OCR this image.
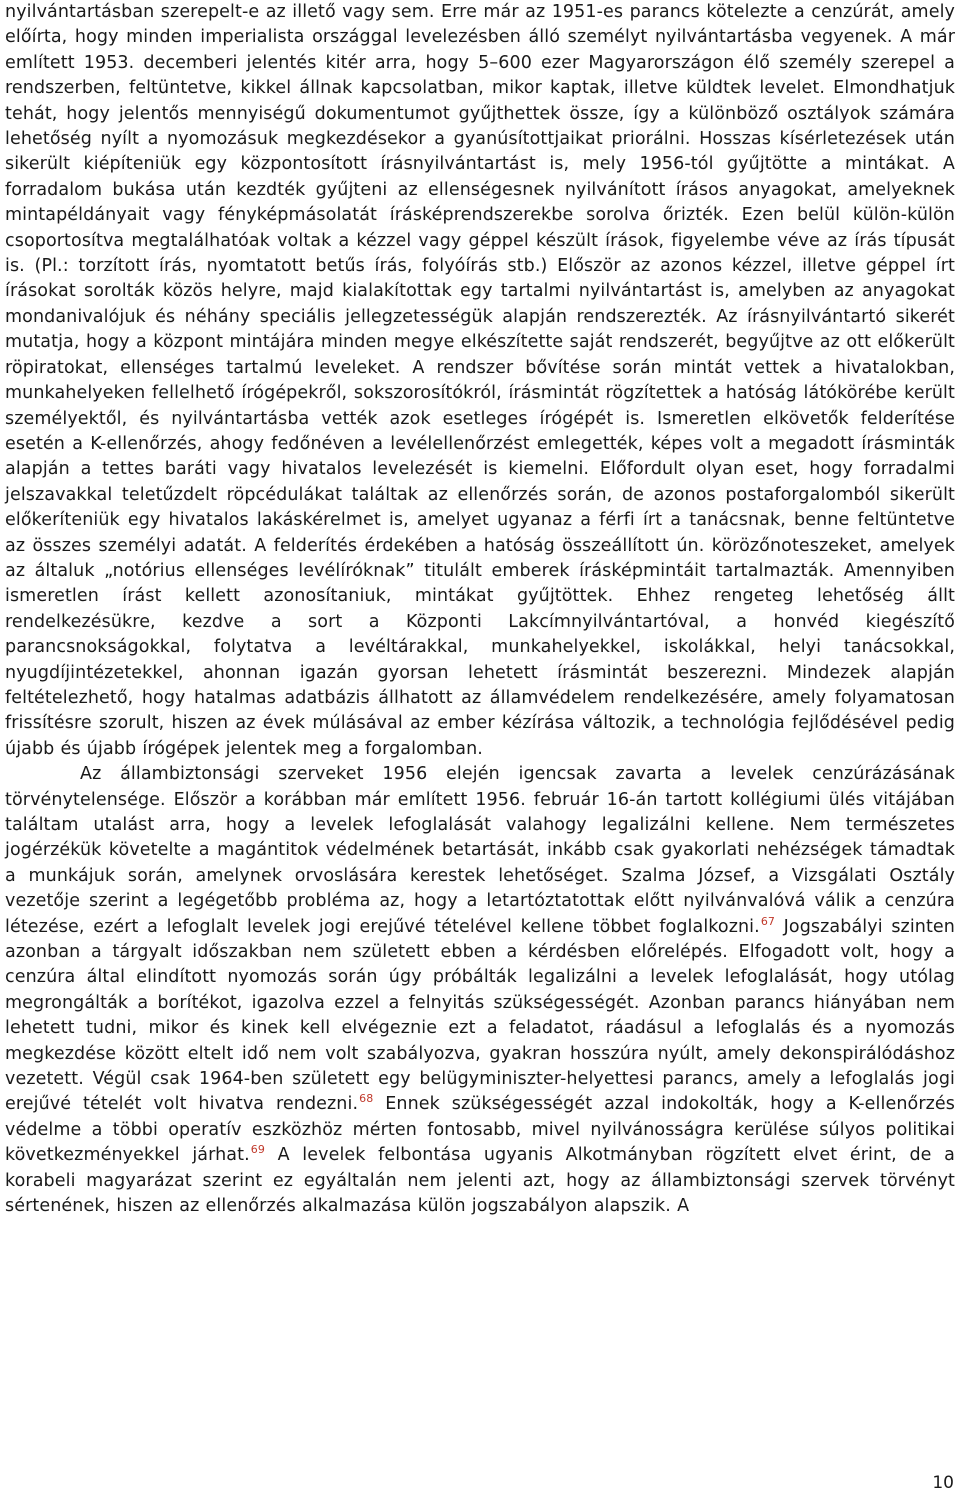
nyilvántartásban szerepelt-e az illető vagy sem. Erre már az 1951-es parancs kötelezte a cenzúrát, amely előírta, hogy minden imperialista országgal levelezésben álló személyt nyilvántartásba vegyenek. A már említett 1953. decemberi jelentés kitér arra, hogy 5–600 ezer Magyarországon élő személy szerepel a rendszerben, feltüntetve, kikkel állnak kapcsolatban, mikor kaptak, illetve küldtek levelet. Elmondhatjuk tehát, hogy jelentős mennyiségű dokumentumot gyűjthettek össze, így a különböző osztályok számára lehetőség nyílt a nyomozásuk megkezdésekor a gyanúsítottjaikat priorálni. Hosszas kísérletezések után sikerült kiépíteniük egy központosított írásnyilvántartást is, mely 1956-tól gyűjtötte a mintákat. A forradalom bukása után kezdték gyűjteni az ellenségesnek nyilvánított írásos anyagokat, amelyeknek mintapéldányait vagy fényképmásolatát írásképrendszerekbe sorolva őrizték. Ezen belül külön-külön csoportosítva megtalálhatóak voltak a kézzel vagy géppel készült írások, figyelembe véve az írás típusát is. (Pl.: torzított írás, nyomtatott betűs írás, folyóírás stb.) Először az azonos kézzel, illetve géppel írt írásokat sorolták közös helyre, majd kialakítottak egy tartalmi nyilvántartást is, amelyben az anyagokat mondanivalójuk és néhány speciális jellegzetességük alapján rendszerezték. Az írásnyilvántartó sikerét mutatja, hogy a központ mintájára minden megye elkészítette saját rendszerét, begyűjtve az ott előkerült röpiratokat, ellenséges tartalmú leveleket. A rendszer bővítése során mintát vettek a hivatalokban, munkahelyeken fellelhető írógépekről, sokszorosítókról, írásmintát rögzítettek a hatóság látókörébe került személyektől, és nyilvántartásba vették azok esetleges írógépét is. Ismeretlen elkövetők felderítése esetén a K-ellenőrzés, ahogy fedőnéven a levélellenőrzést emlegették, képes volt a megadott írásminták alapján a tettes baráti vagy hivatalos levelezését is kiemelni. Előfordult olyan eset, hogy forradalmi jelszavakkal teletűzdelt röpcédulákat találtak az ellenőrzés során, de azonos postaforgalomból sikerült előkeríteniük egy hivatalos lakáskérelmet is, amelyet ugyanaz a férfi írt a tanácsnak, benne feltüntetve az összes személyi adatát. A felderítés érdekében a hatóság összeállított ún. körözőnoteszeket, amelyek az általuk „notórius ellenséges levélíróknak” titulált emberek írásképmintáit tartalmazták. Amennyiben ismeretlen írást kellett azonosítaniuk, mintákat gyűjtöttek. Ehhez rengeteg lehetőség állt rendelkezésükre, kezdve a sort a Központi Lakcímnyilvántartóval, a honvéd kiegészítő parancsnokságokkal, folytatva a levéltárakkal, munkahelyekkel, iskolákkal, helyi tanácsokkal, nyugdíjintézetekkel, ahonnan igazán gyorsan lehetett írásmintát beszerezni. Mindezek alapján feltételezhető, hogy hatalmas adatbázis állhatott az államvédelem rendelkezésére, amely folyamatosan frissítésre szorult, hiszen az évek múlásával az ember kézírása változik, a technológia fejlődésével pedig újabb és újabb írógépek jelentek meg a forgalomban.

Az állambiztonsági szerveket 1956 elején igencsak zavarta a levelek cenzúrázásának törvénytelensége. Először a korábban már említett 1956. február 16-án tartott kollégiumi ülés vitájában találtam utalást arra, hogy a levelek lefoglalását valahogy legalizálni kellene. Nem természetes jogérzékük követelte a magántitok védelmének betartását, inkább csak gyakorlati nehézségek támadtak a munkájuk során, amelynek orvoslására kerestek lehetőséget. Szalma József, a Vizsgálati Osztály vezetője szerint a legégetőbb probléma az, hogy a letartóztatottak előtt nyilvánvalóvá válik a cenzúra létezése, ezért a lefoglalt levelek jogi erejűvé tételével kellene többet foglalkozni.$^{67}$ Jogszabályi szinten azonban a tárgyalt időszakban nem született ebben a kérdésben előrelépés. Elfogadott volt, hogy a cenzúra által elindított nyomozás során úgy próbálták legalizálni a levelek lefoglalását, hogy utólag megrongálták a borítékot, igazolva ezzel a felnyitás szükségességét. Azonban parancs hiányában nem lehetett tudni, mikor és kinek kell elvégeznie ezt a feladatot, ráadásul a lefoglalás és a nyomozás megkezdése között eltelt idő nem volt szabályozva, gyakran hosszúra nyúlt, amely dekonspirálódáshoz vezetett. Végül csak 1964-ben született egy belügyminiszter-helyettesi parancs, amely a lefoglalás jogi erejűvé tételét volt hivatva rendezni.$^{68}$ Ennek szükségességét azzal indokolták, hogy a K-ellenőrzés védelme a többi operatív eszközhöz mérten fontosabb, mivel nyilvánosságra kerülése súlyos politikai következményekkel járhat.$^{69}$ A levelek felbontása ugyanis Alkotmányban rögzített elvet érint, de a korabeli magyarázat szerint ez egyáltalán nem jelenti azt, hogy az állambiztonsági szervek törvényt sértenének, hiszen az ellenőrzés alkalmazása külön jogszabályon alapszik. A

10
